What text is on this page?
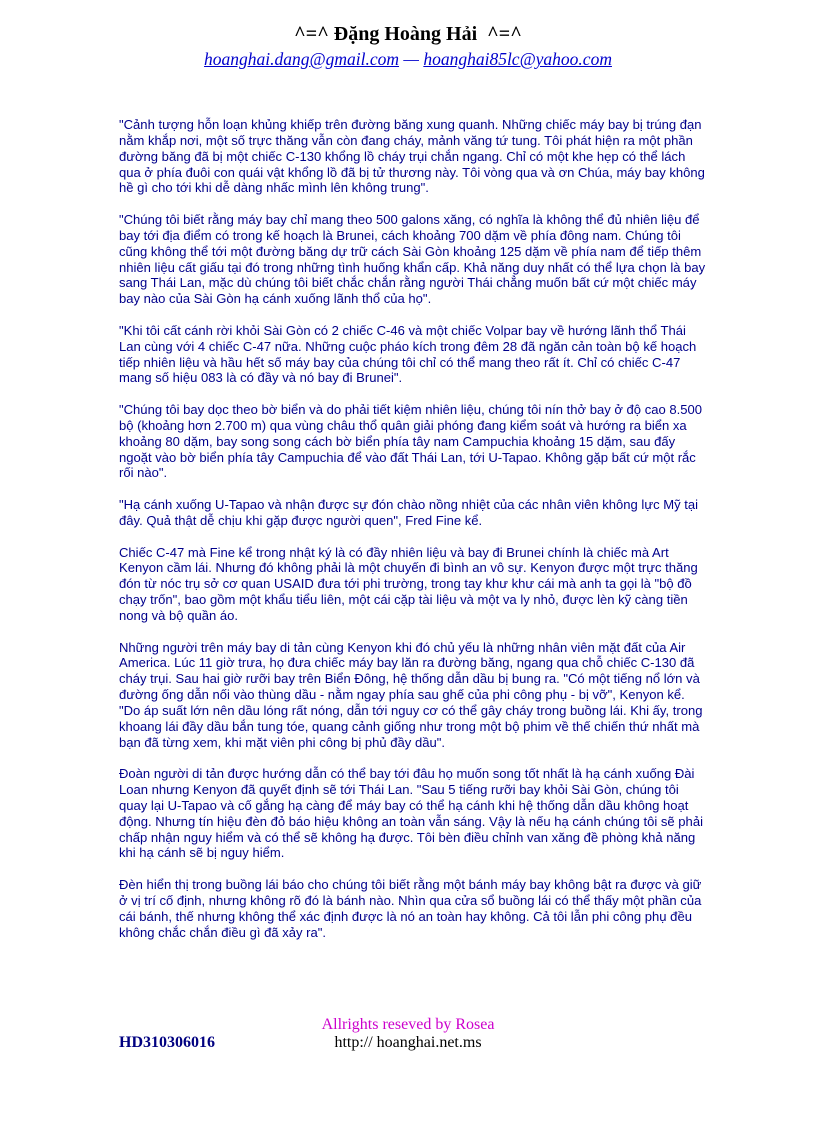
^=^ Đặng Hoàng Hải  ^=^
hoanghai.dang@gmail.com — hoanghai85lc@yahoo.com

"Cảnh tượng hỗn loạn khủng khiếp trên đường băng xung quanh. Những chiếc máy bay bị trúng đạn nằm khắp nơi, một số trực thăng vẫn còn đang cháy, mảnh văng tứ tung. Tôi phát hiện ra một phần đường băng đã bị một chiếc C-130 khổng lồ cháy trụi chắn ngang. Chỉ có một khe hẹp có thể lách qua ở phía đuôi con quái vật khổng lồ đã bị tử thương này. Tôi vòng qua và ơn Chúa, máy bay không hề gì cho tới khi dễ dàng nhấc mình lên không trung".

"Chúng tôi biết rằng máy bay chỉ mang theo 500 galons xăng, có nghĩa là không thể đủ nhiên liệu để bay tới địa điểm có trong kế hoạch là Brunei, cách khoảng 700 dặm về phía đông nam. Chúng tôi cũng không thể tới một đường băng dự trữ cách Sài Gòn khoảng 125 dặm về phía nam để tiếp thêm nhiên liệu cất giấu tại đó trong những tình huống khẩn cấp. Khả năng duy nhất có thể lựa chọn là bay sang Thái Lan, mặc dù chúng tôi biết chắc chắn rằng người Thái chẳng muốn bất cứ một chiếc máy bay nào của Sài Gòn hạ cánh xuống lãnh thổ của họ".

"Khi tôi cất cánh rời khỏi Sài Gòn có 2 chiếc C-46 và một chiếc Volpar bay về hướng lãnh thổ Thái Lan cùng với 4 chiếc C-47 nữa. Những cuộc pháo kích trong đêm 28 đã ngăn cản toàn bộ kế hoạch tiếp nhiên liệu và hầu hết số máy bay của chúng tôi chỉ có thể mang theo rất ít. Chỉ có chiếc C-47 mang số hiệu 083 là có đầy và nó bay đi Brunei".

"Chúng tôi bay dọc theo bờ biển và do phải tiết kiệm nhiên liệu, chúng tôi nín thở bay ở độ cao 8.500 bộ (khoảng hơn 2.700 m) qua vùng châu thổ quân giải phóng đang kiểm soát và hướng ra biển xa khoảng 80 dặm, bay song song cách bờ biển phía tây nam Campuchia khoảng 15 dặm, sau đấy ngoặt vào bờ biển phía tây Campuchia để vào đất Thái Lan, tới U-Tapao. Không gặp bất cứ một rắc rối nào".

"Hạ cánh xuống U-Tapao và nhận được sự đón chào nồng nhiệt của các nhân viên không lực Mỹ tại đây. Quả thật dễ chịu khi gặp được người quen", Fred Fine kể.

Chiếc C-47 mà Fine kể trong nhật ký là có đầy nhiên liệu và bay đi Brunei chính là chiếc mà Art Kenyon cầm lái. Nhưng đó không phải là một chuyến đi bình an vô sự. Kenyon được một trực thăng đón từ nóc trụ sở cơ quan USAID đưa tới phi trường, trong tay khư khư cái mà anh ta gọi là "bộ đồ chạy trốn", bao gồm một khẩu tiểu liên, một cái cặp tài liệu và một va ly nhỏ, được lèn kỹ càng tiền nong và bộ quần áo.

Những người trên máy bay di tản cùng Kenyon khi đó chủ yếu là những nhân viên mặt đất của Air America. Lúc 11 giờ trưa, họ đưa chiếc máy bay lăn ra đường băng, ngang qua chỗ chiếc C-130 đã cháy trụi. Sau hai giờ rưỡi bay trên Biển Đông, hệ thống dẫn dầu bị bung ra. "Có một tiếng nổ lớn và đường ống dẫn nối vào thùng dầu - nằm ngay phía sau ghế của phi công phụ - bị vỡ", Kenyon kể. "Do áp suất lớn nên dầu lóng rất nóng, dẫn tới nguy cơ có thể gây cháy trong buồng lái. Khi ấy, trong khoang lái đầy dầu bắn tung tóe, quang cảnh giống như trong một bộ phim về thế chiến thứ nhất mà bạn đã từng xem, khi mặt viên phi công bị phủ đầy dầu".

Đoàn người di tản được hướng dẫn có thể bay tới đâu họ muốn song tốt nhất là hạ cánh xuống Đài Loan nhưng Kenyon đã quyết định sẽ tới Thái Lan. "Sau 5 tiếng rưỡi bay khỏi Sài Gòn, chúng tôi quay lại U-Tapao và cố gắng hạ càng để máy bay có thể hạ cánh khi hệ thống dẫn dầu không hoạt động. Nhưng tín hiệu đèn đỏ báo hiệu không an toàn vẫn sáng. Vậy là nếu hạ cánh chúng tôi sẽ phải chấp nhận nguy hiểm và có thể sẽ không hạ được. Tôi bèn điều chỉnh van xăng đề phòng khả năng khi hạ cánh sẽ bị nguy hiểm.

Đèn hiển thị trong buồng lái báo cho chúng tôi biết rằng một bánh máy bay không bật ra được và giữ ở vị trí cố định, nhưng không rõ đó là bánh nào. Nhìn qua cửa sổ buồng lái có thể thấy một phần của cái bánh, thế nhưng không thể xác định được là nó an toàn hay không. Cả tôi lẫn phi công phụ đều không chắc chắn điều gì đã xảy ra".

Allrights reseved by Rosea
HD310306016	http:// hoanghai.net.ms
